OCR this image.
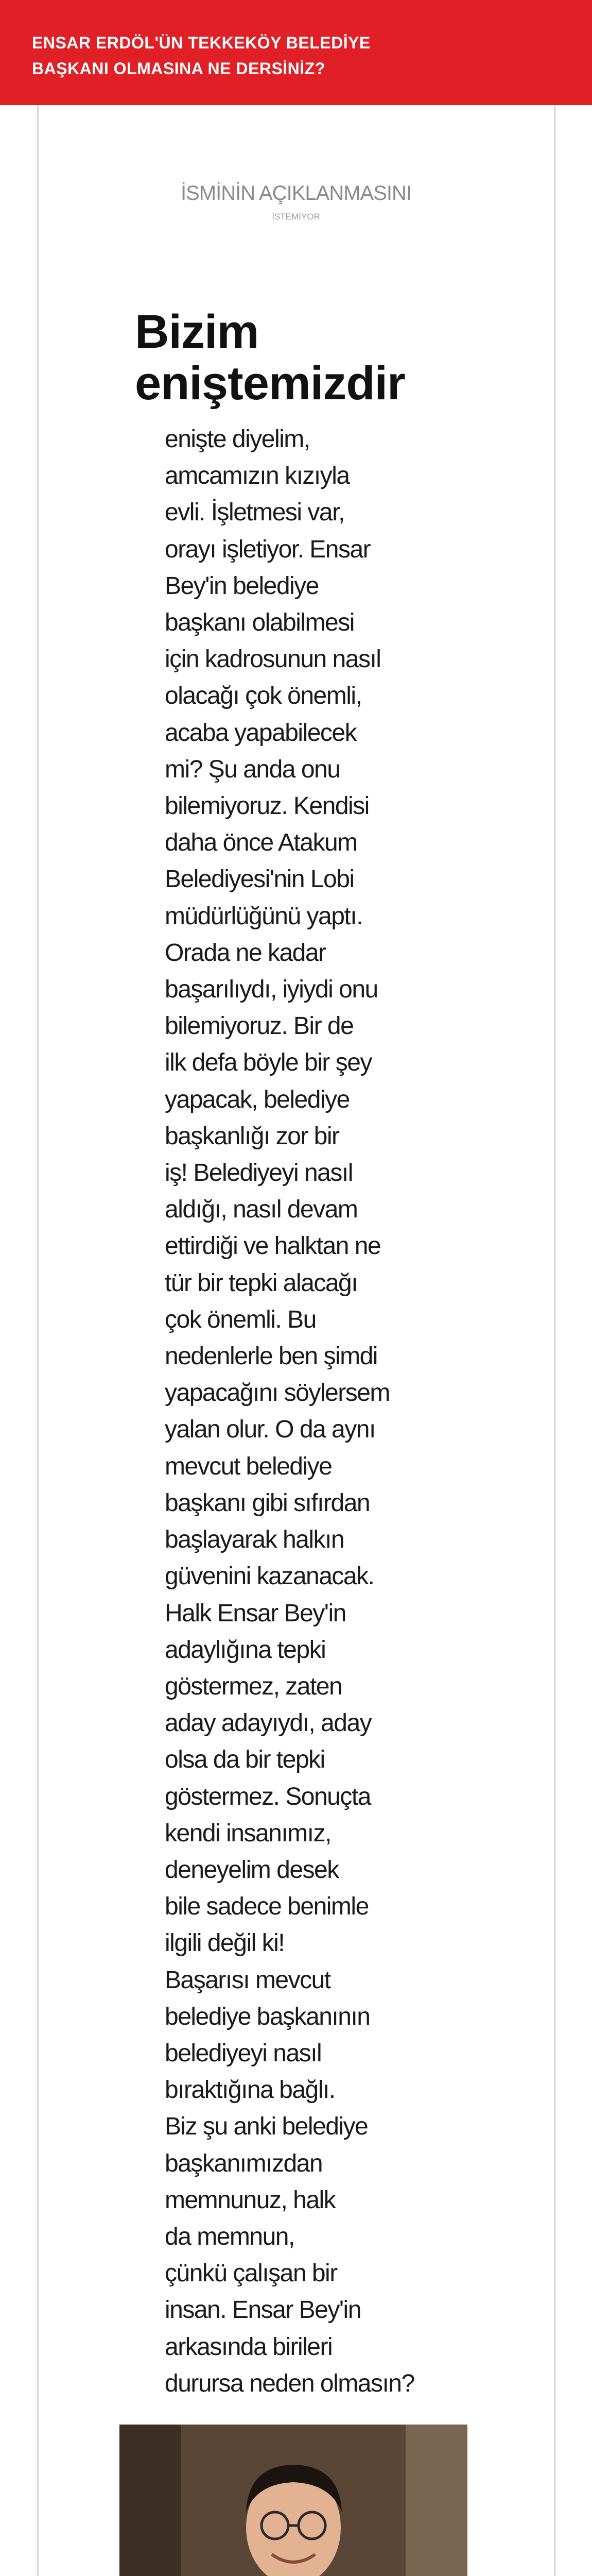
ENSAR ERDÖL'ÜN TEKKEKÖY BELEDİYE
BAŞKANI OLMASINA NE DERSİNİZ?
İSMİNİN AÇIKLANMASINI
İSTEMİYOR
Bizim
eniştemizdir

enişte diyelim,
amcamızın kızıyla
evli. İşletmesi var,
orayı işletiyor. Ensar
Bey'in belediye
başkanı olabilmesi
için kadrosunun nasıl
olacağı çok önemli,
acaba yapabilecek
mi? Şu anda onu
bilemiyoruz. Kendisi
daha önce Atakum
Belediyesi'nin Lobi
müdürlüğünü yaptı.
Orada ne kadar
başarılıydı, iyiydi onu
bilemiyoruz. Bir de
ilk defa böyle bir şey
yapacak, belediye
başkanlığı zor bir
iş! Belediyeyi nasıl
aldığı, nasıl devam
ettirdiği ve halktan ne
tür bir tepki alacağı
çok önemli. Bu
nedenlerle ben şimdi
yapacağını söylersem
yalan olur. O da aynı
mevcut belediye
başkanı gibi sıfırdan
başlayarak halkın
güvenini kazanacak.
Halk Ensar Bey'in
adaylığına tepki
göstermez, zaten
aday adayıydı, aday
olsa da bir tepki
göstermez. Sonuçta
kendi insanımız,
deneyelim desek
bile sadece benimle
ilgili değil ki!
Başarısı mevcut
belediye başkanının
belediyeyi nasıl
bıraktığına bağlı.
Biz şu anki belediye
başkanımızdan
memnunuz, halk
da memnun,
çünkü çalışan bir
insan. Ensar Bey'in
arkasında birileri
durursa neden olmasın?
